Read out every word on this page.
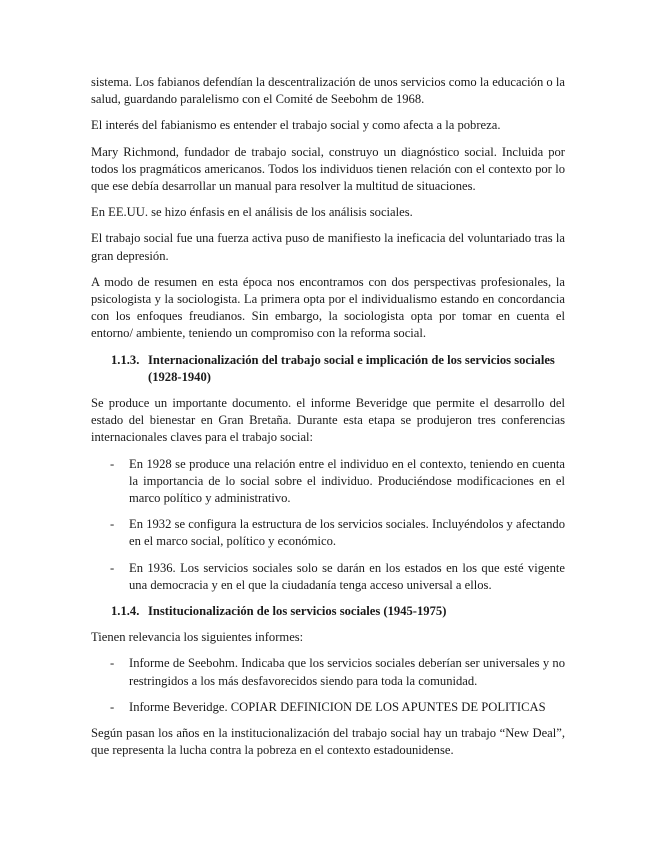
sistema. Los fabianos defendían la descentralización de unos servicios como la educación o la salud, guardando paralelismo con el Comité de Seebohm de 1968.

El interés del fabianismo es entender el trabajo social y como afecta a la pobreza.

Mary Richmond, fundador de trabajo social, construyo un diagnóstico social. Incluida por todos los pragmáticos americanos. Todos los individuos tienen relación con el contexto por lo que ese debía desarrollar un manual para resolver la multitud de situaciones.

En EE.UU. se hizo énfasis en el análisis de los análisis sociales.

El trabajo social fue una fuerza activa puso de manifiesto la ineficacia del voluntariado tras la gran depresión.

A modo de resumen en esta época nos encontramos con dos perspectivas profesionales, la psicologista y la sociologista. La primera opta por el individualismo estando en concordancia con los enfoques freudianos. Sin embargo, la sociologista opta por tomar en cuenta el entorno/ ambiente, teniendo un compromiso con la reforma social.

1.1.3. Internacionalización del trabajo social e implicación de los servicios sociales (1928-1940)

Se produce un importante documento. el informe Beveridge que permite el desarrollo del estado del bienestar en Gran Bretaña. Durante esta etapa se produjeron tres conferencias internacionales claves para el trabajo social:

-	En 1928 se produce una relación entre el individuo en el contexto, teniendo en cuenta la importancia de lo social sobre el individuo. Produciéndose modificaciones en el marco político y administrativo.
-	En 1932 se configura la estructura de los servicios sociales. Incluyéndolos y afectando en el marco social, político y económico.
-	En 1936. Los servicios sociales solo se darán en los estados en los que esté vigente una democracia y en el que la ciudadanía tenga acceso universal a ellos.
1.1.4. Institucionalización de los servicios sociales (1945-1975)

Tienen relevancia los siguientes informes:

-	Informe de Seebohm. Indicaba que los servicios sociales deberían ser universales y no restringidos a los más desfavorecidos siendo para toda la comunidad.
-	Informe Beveridge. COPIAR DEFINICION DE LOS APUNTES DE POLITICAS

Según pasan los años en la institucionalización del trabajo social hay un trabajo “New Deal”, que representa la lucha contra la pobreza en el contexto estadounidense.
